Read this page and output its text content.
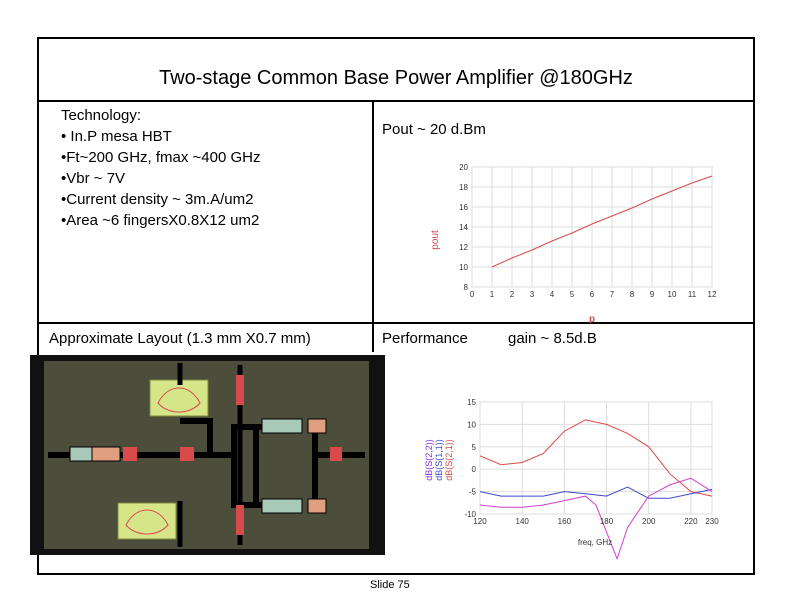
Two-stage Common Base Power Amplifier @180GHz
Technology:
• In.P mesa HBT
•Ft~200 GHz, fmax ~400 GHz
•Vbr ~ 7V
•Current density ~ 3m.A/um2
•Area ~6 fingersX0.8X12 um2
Pout ~ 20 d.Bm
Approximate Layout (1.3 mm X0.7 mm)	Performance	gain ~ 8.5d.B
0 1 2 3 4 5 6 7 8 9 10 11 12
8
10
12
14
16
18
20
pout
p
120	140	160	180	200	220 230
-10
-5
0
5
10
15
dB(S(2,2)) dB(S(1,1)) dB(S(2,1))
freq, GHz
Slide 75
